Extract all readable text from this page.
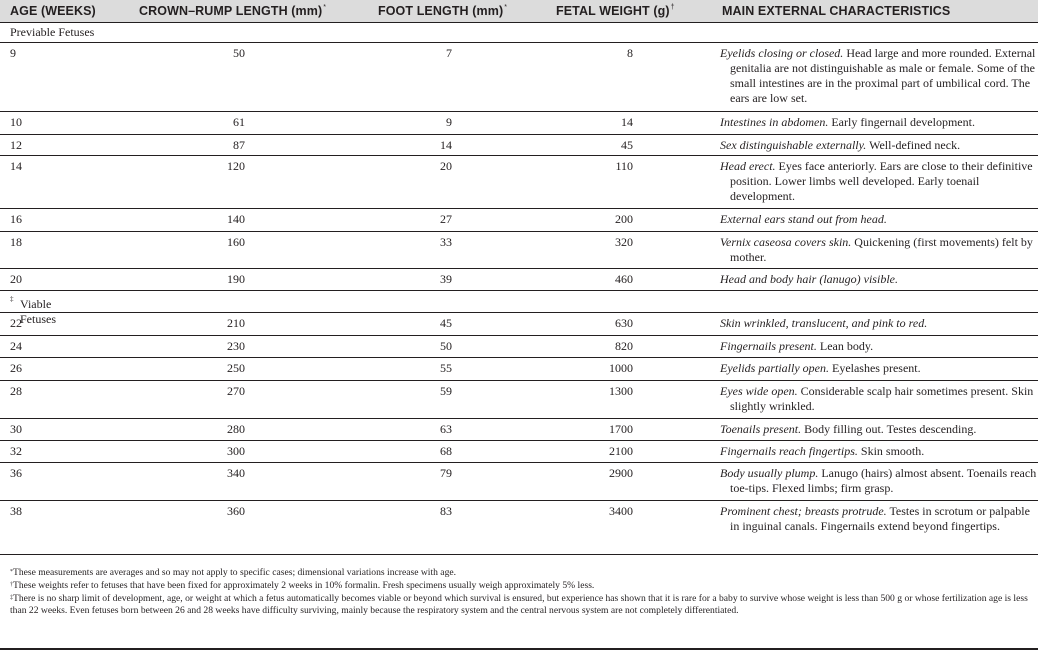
AGE (WEEKS)	CROWN–RUMP LENGTH (mm)*	FOOT LENGTH (mm)*	FETAL WEIGHT (g)†	MAIN EXTERNAL CHARACTERISTICS
Previable Fetuses
9	50	7	8	Eyelids closing or closed. Head large and more rounded. External genitalia are not distinguishable as male or female. Some of the small intestines are in the proximal part of umbilical cord. The ears are low set.
10	61	9	14	Intestines in abdomen. Early fingernail development.
12	87	14	45	Sex distinguishable externally. Well-defined neck.
14	120	20	110	Head erect. Eyes face anteriorly. Ears are close to their definitive position. Lower limbs well developed. Early toenail development.
16	140	27	200	External ears stand out from head.
18	160	33	320	Vernix caseosa covers skin. Quickening (first movements) felt by mother.
20	190	39	460	Head and body hair (lanugo) visible.
Viable Fetuses
‡
22	210	45	630	Skin wrinkled, translucent, and pink to red.
24	230	50	820	Fingernails present. Lean body.
26	250	55	1000	Eyelids partially open. Eyelashes present.
28	270	59	1300	Eyes wide open. Considerable scalp hair sometimes present. Skin slightly wrinkled.
30	280	63	1700	Toenails present. Body filling out. Testes descending.
32	300	68	2100	Fingernails reach fingertips. Skin smooth.
36	340	79	2900	Body usually plump. Lanugo (hairs) almost absent. Toenails reach toe-tips. Flexed limbs; firm grasp.
38	360	83	3400	Prominent chest; breasts protrude. Testes in scrotum or palpable in inguinal canals. Fingernails extend beyond fingertips.

*These measurements are averages and so may not apply to specific cases; dimensional variations increase with age.

†These weights refer to fetuses that have been fixed for approximately 2 weeks in 10% formalin. Fresh specimens usually weigh approximately 5% less.

‡There is no sharp limit of development, age, or weight at which a fetus automatically becomes viable or beyond which survival is ensured, but experience has shown that it is rare for a baby to survive whose weight is less than 500 g or whose fertilization age is less than 22 weeks. Even fetuses born between 26 and 28 weeks have difficulty surviving, mainly because the respiratory system and the central nervous system are not completely differentiated.
